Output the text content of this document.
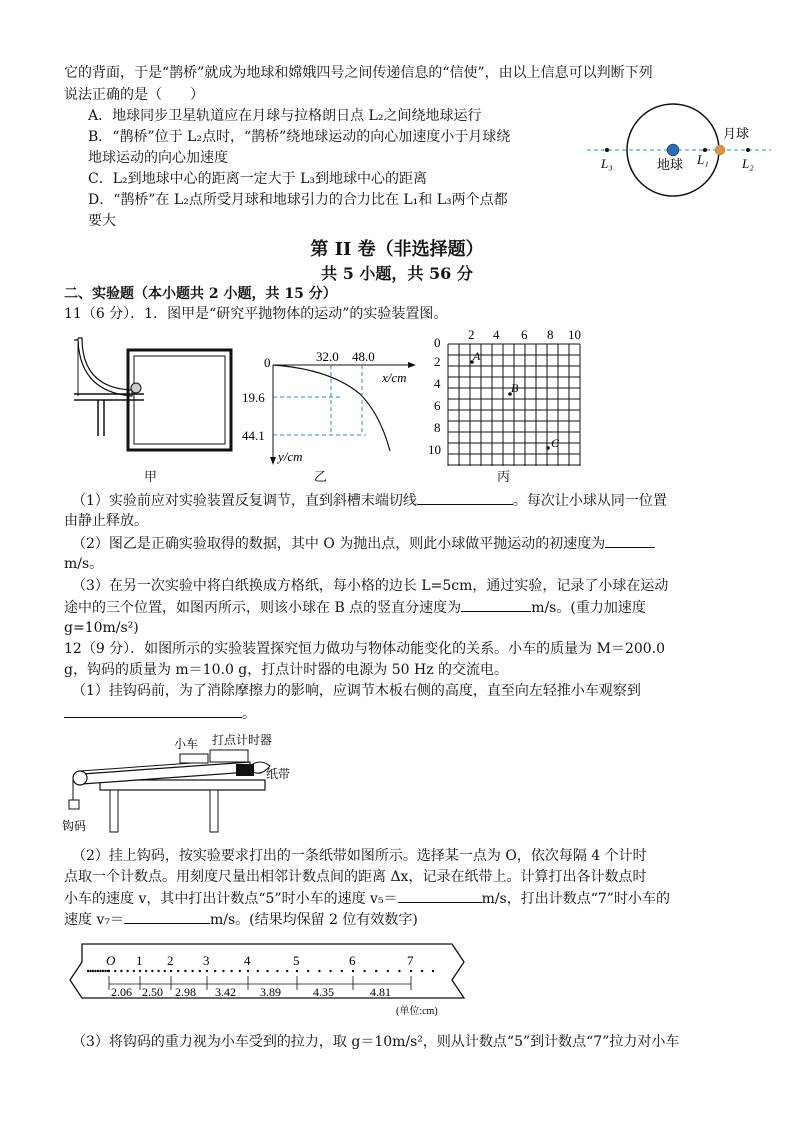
它的背面，于是“鹊桥”就成为地球和嫦娥四号之间传递信息的“信使”，由以上信息可以判断下列
说法正确的是（　　）
A．地球同步卫星轨道应在月球与拉格朗日点 L₂之间绕地球运行
B．“鹊桥”位于 L₂点时，“鹊桥”绕地球运动的向心加速度小于月球绕
地球运动的向心加速度
C．L₂到地球中心的距离一定大于 L₃到地球中心的距离
D．“鹊桥”在 L₂点所受月球和地球引力的合力比在 L₁和 L₃两个点都
要大
月球
地球
L₃	L₁	L₂
第 II 卷（非选择题）
共 5 小题，共 56 分
二、实验题（本小题共 2 小题，共 15 分）
11（6 分）．1．图甲是“研究平抛物体的运动”的实验装置图。
甲
0	32.0 48.0
x/cm
19.6
44.1
y/cm
乙
2 4 6 8 10
0
2
4
6
8
10
A
B
C
丙
（1）实验前应对实验装置反复调节，直到斜槽末端切线	。每次让小球从同一位置
由静止释放。
（2）图乙是正确实验取得的数据，其中 O 为抛出点，则此小球做平抛运动的初速度为
m/s。
（3）在另一次实验中将白纸换成方格纸，每小格的边长 L=5cm，通过实验，记录了小球在运动
途中的三个位置，如图丙所示，则该小球在 B 点的竖直分速度为	m/s。(重力加速度
g=10m/s²)
12（9 分）．如图所示的实验装置探究恒力做功与物体动能变化的关系。小车的质量为 M＝200.0
g，钩码的质量为 m＝10.0 g，打点计时器的电源为 50 Hz 的交流电。
（1）挂钩码前，为了消除摩擦力的影响，应调节木板右侧的高度，直至向左轻推小车观察到
。
小车 打点计时器
纸带
钩码
（2）挂上钩码，按实验要求打出的一条纸带如图所示。选择某一点为 O，依次每隔 4 个计时
点取一个计数点。用刻度尺量出相邻计数点间的距离 Δx，记录在纸带上。计算打出各计数点时
小车的速度 v，其中打出计数点“5”时小车的速度 v₅＝	m/s，打出计数点“7”时小车的
速度 v₇＝	m/s。(结果均保留 2 位有效数字)
O 1 2 3	4	5	6	7
2.06 2.50 2.98 3.42 3.89	4.35	4.81
(单位:cm)
（3）将钩码的重力视为小车受到的拉力，取 g＝10m/s²，则从计数点“5”到计数点“7”拉力对小车
